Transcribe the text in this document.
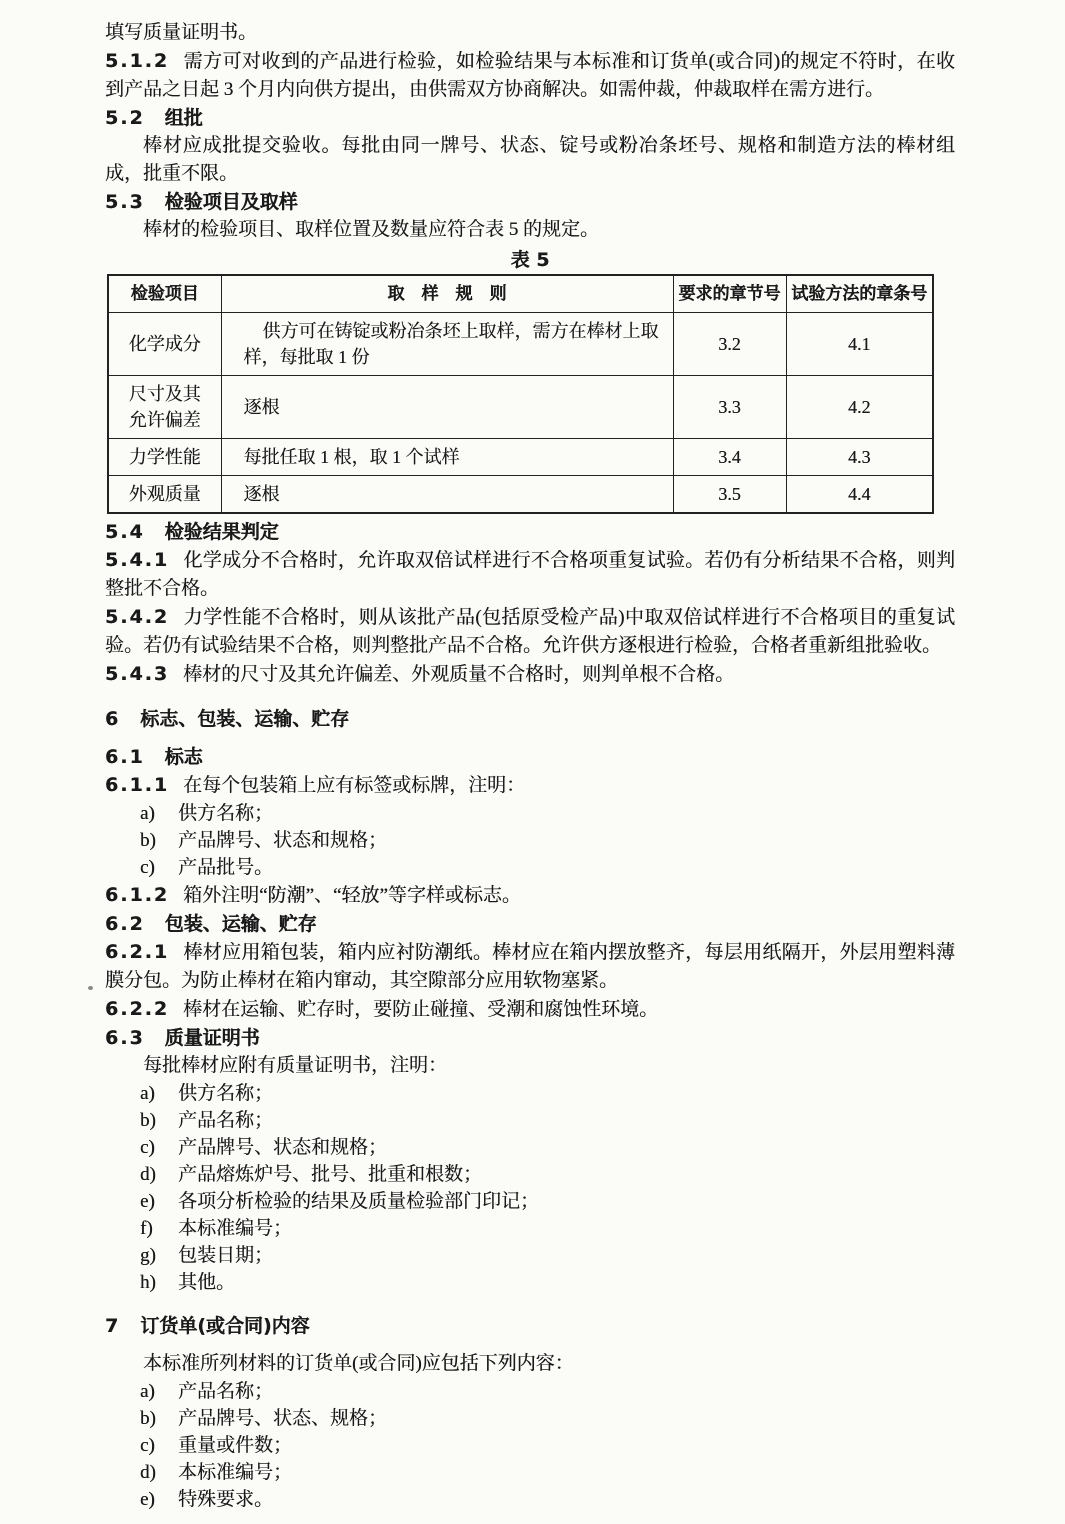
填写质量证明书。
5.1.2 需方可对收到的产品进行检验，如检验结果与本标准和订货单(或合同)的规定不符时，在收到产品之日起 3 个月内向供方提出，由供需双方协商解决。如需仲裁，仲裁取样在需方进行。
5.2 组批
棒材应成批提交验收。每批由同一牌号、状态、锭号或粉冶条坯号、规格和制造方法的棒材组成，批重不限。
5.3 检验项目及取样
棒材的检验项目、取样位置及数量应符合表 5 的规定。
表 5
检验项目	取　样　规　则	要求的章节号	试验方法的章条号
化学成分	供方可在铸锭或粉冶条坯上取样，需方在棒材上取样，每批取 1 份	3.2	4.1
尺寸及其允许偏差	逐根	3.3	4.2
力学性能	每批任取 1 根，取 1 个试样	3.4	4.3
外观质量	逐根	3.5	4.4
5.4 检验结果判定
5.4.1 化学成分不合格时，允许取双倍试样进行不合格项重复试验。若仍有分析结果不合格，则判整批不合格。
5.4.2 力学性能不合格时，则从该批产品(包括原受检产品)中取双倍试样进行不合格项目的重复试验。若仍有试验结果不合格，则判整批产品不合格。允许供方逐根进行检验，合格者重新组批验收。
5.4.3 棒材的尺寸及其允许偏差、外观质量不合格时，则判单根不合格。
6 标志、包装、运输、贮存
6.1 标志
6.1.1 在每个包装箱上应有标签或标牌，注明：
a) 供方名称；
b) 产品牌号、状态和规格；
c) 产品批号。
6.1.2 箱外注明“防潮”、“轻放”等字样或标志。
6.2 包装、运输、贮存
6.2.1 棒材应用箱包装，箱内应衬防潮纸。棒材应在箱内摆放整齐，每层用纸隔开，外层用塑料薄膜分包。为防止棒材在箱内窜动，其空隙部分应用软物塞紧。
6.2.2 棒材在运输、贮存时，要防止碰撞、受潮和腐蚀性环境。
6.3 质量证明书
每批棒材应附有质量证明书，注明：
a) 供方名称；
b) 产品名称；
c) 产品牌号、状态和规格；
d) 产品熔炼炉号、批号、批重和根数；
e) 各项分析检验的结果及质量检验部门印记；
f) 本标准编号；
g) 包装日期；
h) 其他。
7 订货单(或合同)内容
本标准所列材料的订货单(或合同)应包括下列内容：
a) 产品名称；
b) 产品牌号、状态、规格；
c) 重量或件数；
d) 本标准编号；
e) 特殊要求。
